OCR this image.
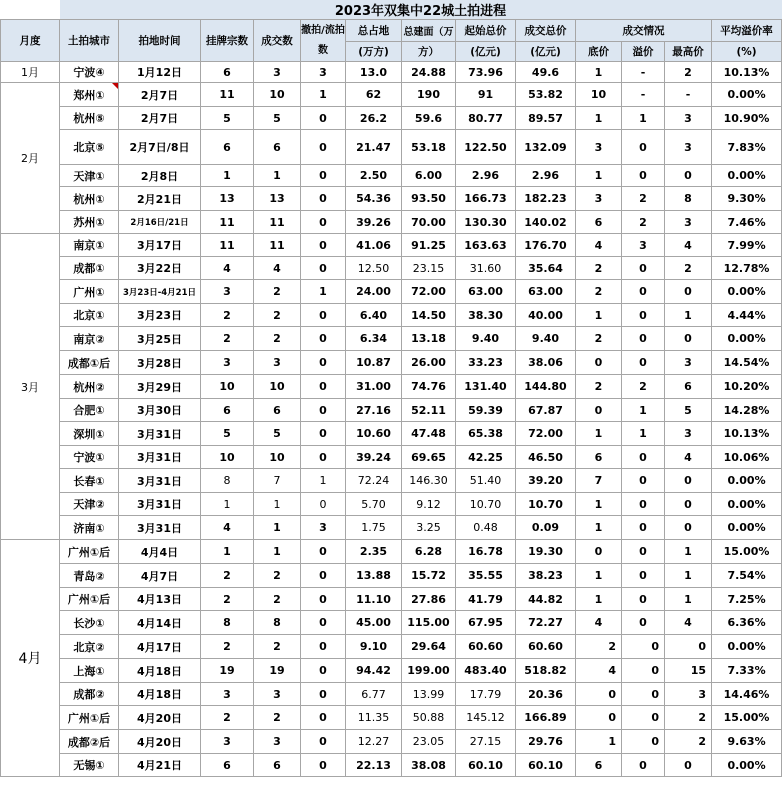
	2023年双集中22城土拍进程												
月度	土拍城市	拍地时间	挂牌宗数	成交数	撤拍/流拍数	总占地	总建面（万	起始总价	成交总价	成交情况			平均溢价率
						(万方)	方）	(亿元)	(亿元)	底价	溢价	最高价	(%)
1月	宁波④	1月12日	6	3	3	13.0	24.88	73.96	49.6	1	-	2	10.13%
2月	郑州①	2月7日	11	10	1	62	190	91	53.82	10	-	-	0.00%
	杭州⑤	2月7日	5	5	0	26.2	59.6	80.77	89.57	1	1	3	10.90%
	北京⑤	2月7日/8日	6	6	0	21.47	53.18	122.50	132.09	3	0	3	7.83%
	天津①	2月8日	1	1	0	2.50	6.00	2.96	2.96	1	0	0	0.00%
	杭州①	2月21日	13	13	0	54.36	93.50	166.73	182.23	3	2	8	9.30%
	苏州①	2月16日/21日	11	11	0	39.26	70.00	130.30	140.02	6	2	3	7.46%
3月	南京①	3月17日	11	11	0	41.06	91.25	163.63	176.70	4	3	4	7.99%
	成都①	3月22日	4	4	0	12.50	23.15	31.60	35.64	2	0	2	12.78%
	广州①	3月23日-4月21日	3	2	1	24.00	72.00	63.00	63.00	2	0	0	0.00%
	北京①	3月23日	2	2	0	6.40	14.50	38.30	40.00	1	0	1	4.44%
	南京②	3月25日	2	2	0	6.34	13.18	9.40	9.40	2	0	0	0.00%
	成都①后	3月28日	3	3	0	10.87	26.00	33.23	38.06	0	0	3	14.54%
	杭州②	3月29日	10	10	0	31.00	74.76	131.40	144.80	2	2	6	10.20%
	合肥①	3月30日	6	6	0	27.16	52.11	59.39	67.87	0	1	5	14.28%
	深圳①	3月31日	5	5	0	10.60	47.48	65.38	72.00	1	1	3	10.13%
	宁波①	3月31日	10	10	0	39.24	69.65	42.25	46.50	6	0	4	10.06%
	长春①	3月31日	8	7	1	72.24	146.30	51.40	39.20	7	0	0	0.00%
	天津②	3月31日	1	1	0	5.70	9.12	10.70	10.70	1	0	0	0.00%
	济南①	3月31日	4	1	3	1.75	3.25	0.48	0.09	1	0	0	0.00%
4月	广州①后	4月4日	1	1	0	2.35	6.28	16.78	19.30	0	0	1	15.00%
	青岛②	4月7日	2	2	0	13.88	15.72	35.55	38.23	1	0	1	7.54%
	广州①后	4月13日	2	2	0	11.10	27.86	41.79	44.82	1	0	1	7.25%
	长沙①	4月14日	8	8	0	45.00	115.00	67.95	72.27	4	0	4	6.36%
	北京②	4月17日	2	2	0	9.10	29.64	60.60	60.60	2	0	0	0.00%
	上海①	4月18日	19	19	0	94.42	199.00	483.40	518.82	4	0	15	7.33%
	成都②	4月18日	3	3	0	6.77	13.99	17.79	20.36	0	0	3	14.46%
	广州①后	4月20日	2	2	0	11.35	50.88	145.12	166.89	0	0	2	15.00%
	成都②后	4月20日	3	3	0	12.27	23.05	27.15	29.76	1	0	2	9.63%
	无锡①	4月21日	6	6	0	22.13	38.08	60.10	60.10	6	0	0	0.00%
